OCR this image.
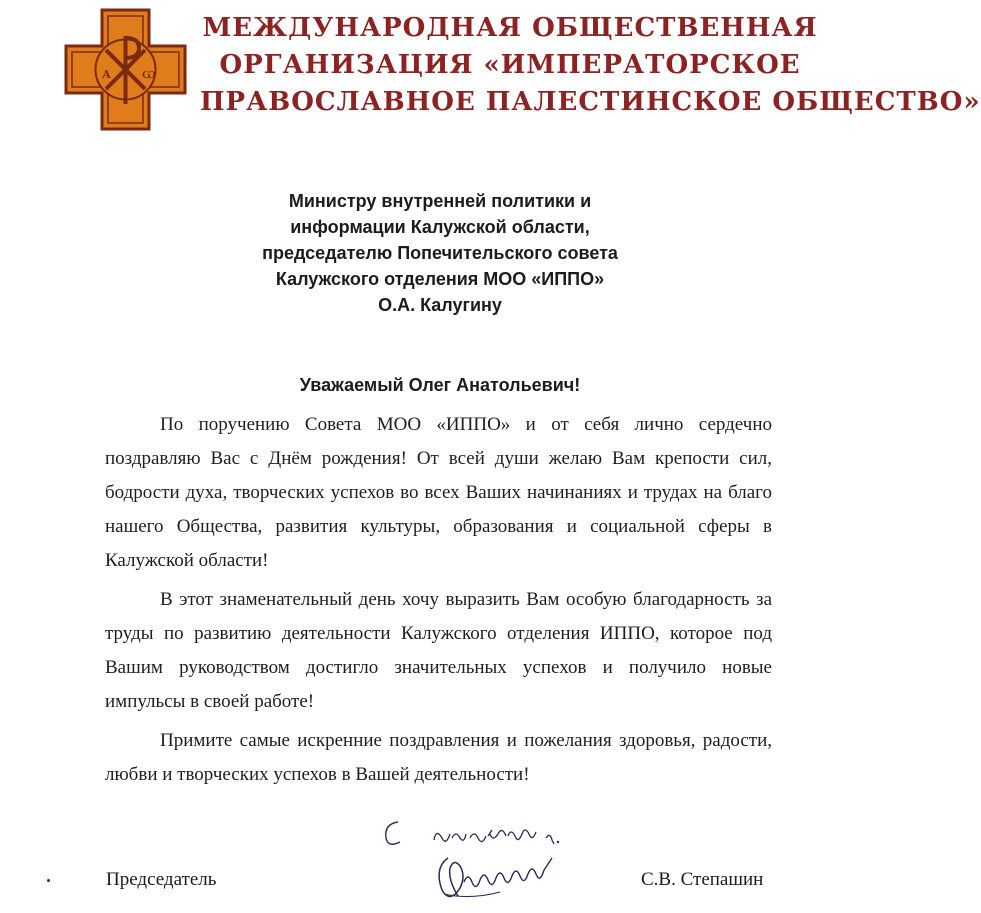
А	Ѡ
МЕЖДУНАРОДНАЯ ОБЩЕСТВЕННАЯ
ОРГАНИЗАЦИЯ «ИМПЕРАТОРСКОЕ
ПРАВОСЛАВНОЕ ПАЛЕСТИНСКОЕ ОБЩЕСТВО»
Министру внутренней политики и
информации Калужской области,
председателю Попечительского совета
Калужского отделения МОО «ИППО»
О.А. Калугину
Уважаемый Олег Анатольевич!

По поручению Совета МОО «ИППО» и от себя лично сердечно поздравляю Вас с Днём рождения! От всей души желаю Вам крепости сил, бодрости духа, творческих успехов во всех Ваших начинаниях и трудах на благо нашего Общества, развития культуры, образования и социальной сферы в Калужской области!

В этот знаменательный день хочу выразить Вам особую благодарность за труды по развитию деятельности Калужского отделения ИППО, которое под Вашим руководством достигло значительных успехов и получило новые импульсы в своей работе!

Примите самые искренние поздравления и пожелания здоровья, радости, любви и творческих успехов в Вашей деятельности!

Председатель	С.В. Степашин
